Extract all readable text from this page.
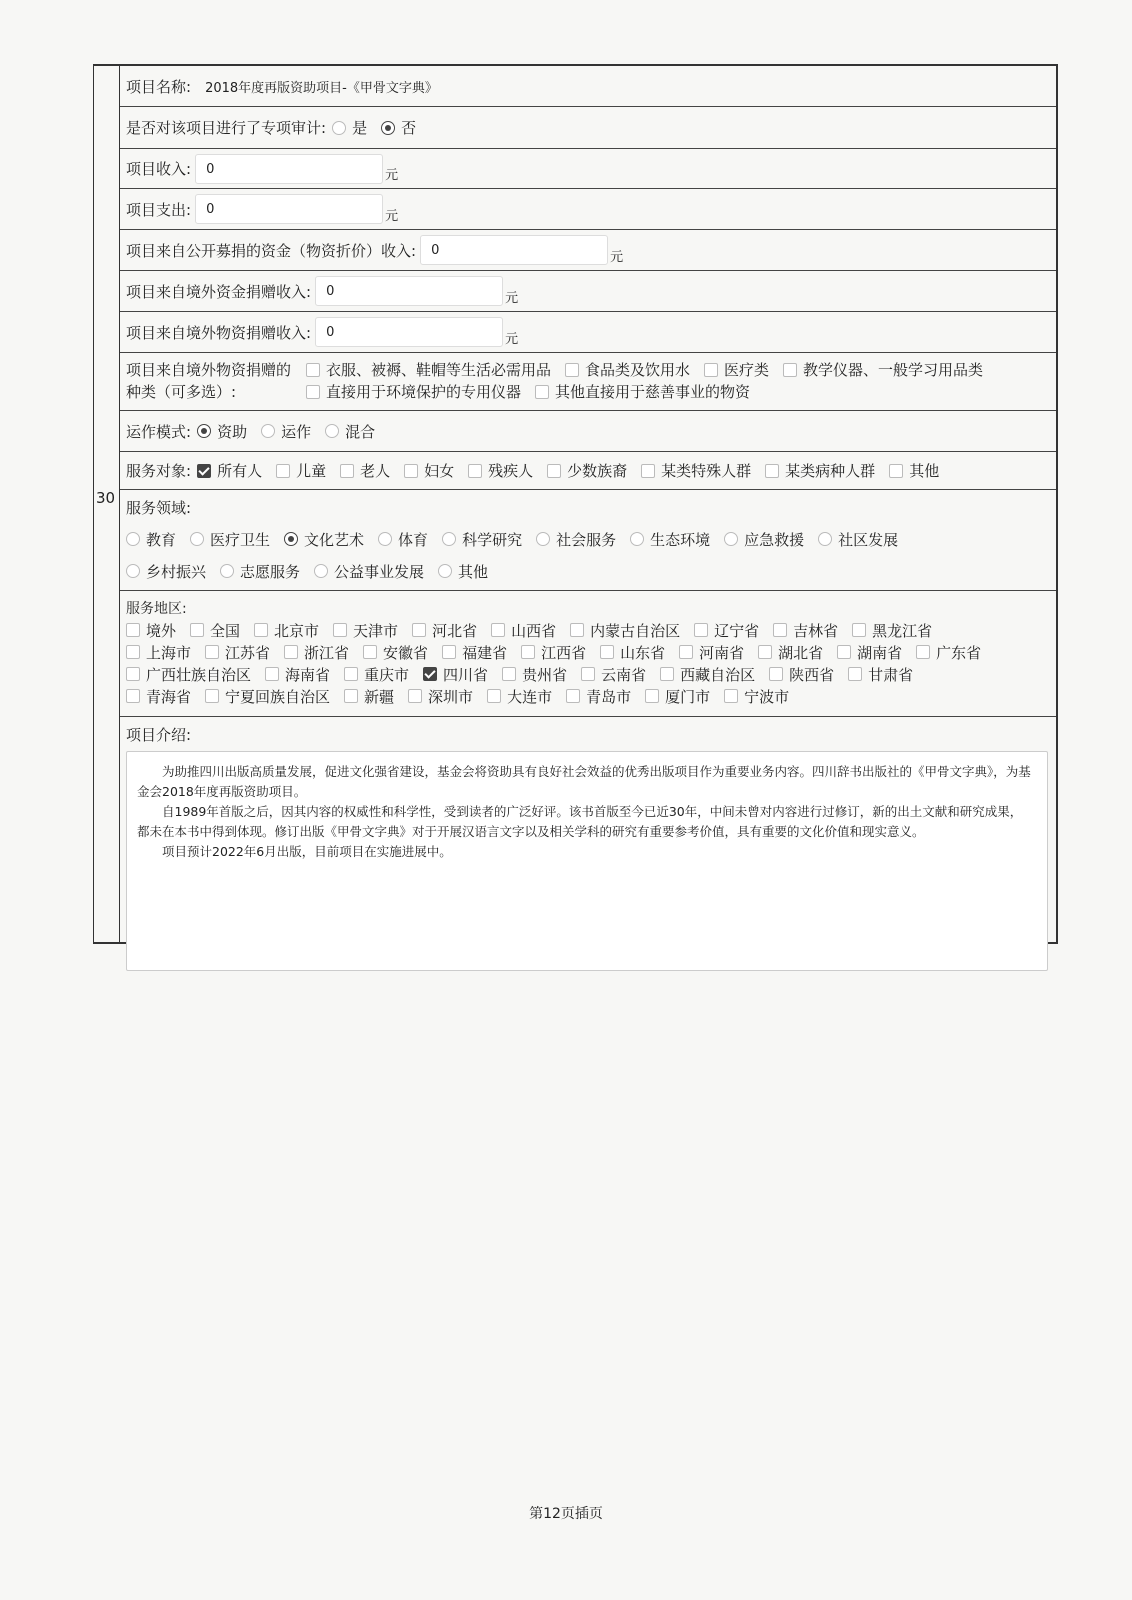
30
项目名称: 2018年度再版资助项目-《甲骨文字典》
是否对该项目进行了专项审计: 是 否
项目收入:	0	元
项目支出:	0	元
项目来自公开募捐的资金（物资折价）收入:	0	元
项目来自境外资金捐赠收入:	0	元
项目来自境外物资捐赠收入:	0	元
项目来自境外物资捐赠的
种类（可多选）:
衣服、被褥、鞋帽等生活必需用品 食品类及饮用水 医疗类 教学仪器、一般学习用品类
直接用于环境保护的专用仪器 其他直接用于慈善事业的物资
运作模式: 资助 运作 混合
服务对象: 所有人 儿童 老人 妇女 残疾人 少数族裔 某类特殊人群 某类病种人群 其他
服务领域:
教育 医疗卫生 文化艺术 体育 科学研究 社会服务 生态环境 应急救援 社区发展
乡村振兴 志愿服务 公益事业发展 其他
服务地区:
境外 全国 北京市 天津市 河北省 山西省 内蒙古自治区 辽宁省 吉林省 黑龙江省
上海市 江苏省 浙江省 安徽省 福建省 江西省 山东省 河南省 湖北省 湖南省 广东省
广西壮族自治区 海南省 重庆市 四川省 贵州省 云南省 西藏自治区 陕西省 甘肃省
青海省 宁夏回族自治区 新疆 深圳市 大连市 青岛市 厦门市 宁波市
项目介绍:

为助推四川出版高质量发展，促进文化强省建设，基金会将资助具有良好社会效益的优秀出版项目作为重要业务内容。四川辞书出版社的《甲骨文字典》，为基金会2018年度再版资助项目。

自1989年首版之后，因其内容的权威性和科学性，受到读者的广泛好评。该书首版至今已近30年，中间未曾对内容进行过修订，新的出土文献和研究成果，都未在本书中得到体现。修订出版《甲骨文字典》对于开展汉语言文字以及相关学科的研究有重要参考价值，具有重要的文化价值和现实意义。

项目预计2022年6月出版，目前项目在实施进展中。

第12页插页
